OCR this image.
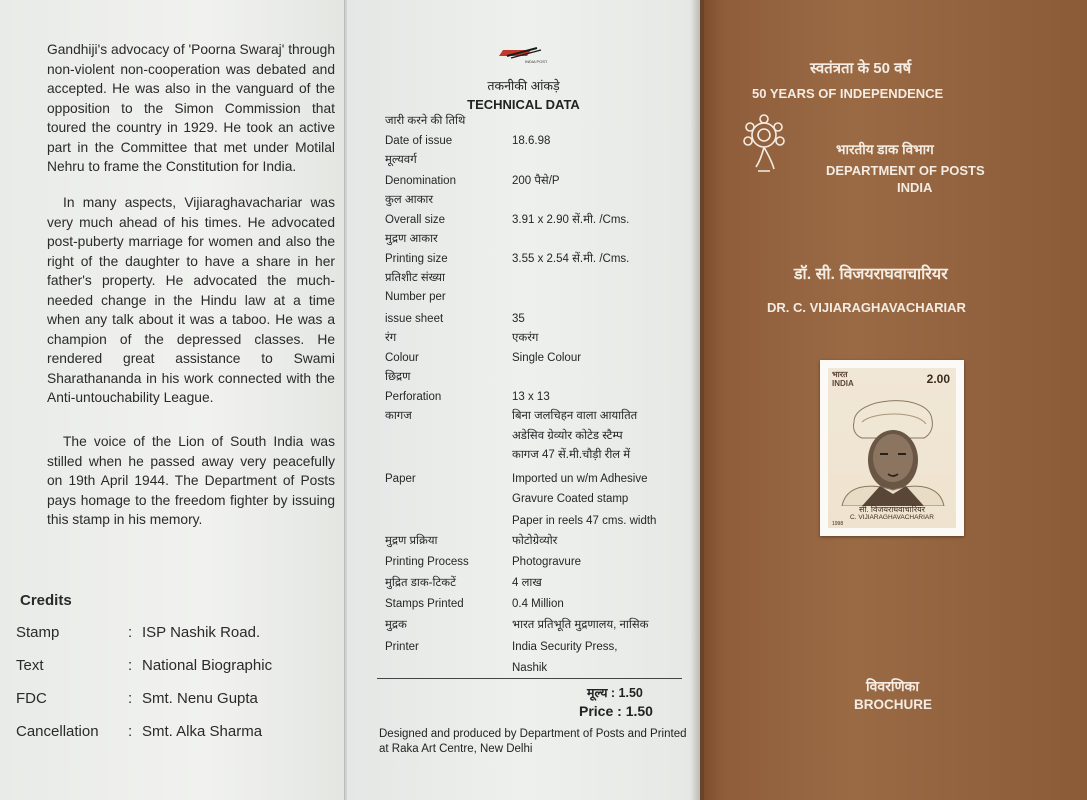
Gandhiji's advocacy of 'Poorna Swaraj' through non-violent non-cooperation was debated and accepted. He was also in the vanguard of the opposition to the Simon Commission that toured the country in 1929. He took an active part in the Committee that met under Motilal Nehru to frame the Constitution for India.

In many aspects, Vijiaraghavachariar was very much ahead of his times. He advocated post-puberty marriage for women and also the right of the daughter to have a share in her father's property. He advocated the much-needed change in the Hindu law at a time when any talk about it was a taboo. He was a champion of the depressed classes. He rendered great assistance to Swami Sharathananda in his work connected with the Anti-untouchability League.

The voice of the Lion of South India was stilled when he passed away very peacefully on 19th April 1944. The Department of Posts pays homage to the freedom fighter by issuing this stamp in his memory.

Credits
Stamp	: ISP Nashik Road.
Text	: National Biographic
FDC	: Smt. Nenu Gupta
Cancellation : Smt. Alka Sharma
INDIA POST
तकनीकी आंकड़े
TECHNICAL DATA
जारी करने की तिथि
Date of issue	18.6.98
मूल्यवर्ग
Denomination	200 पैसे/P
कुल आकार
Overall size	3.91 x 2.90 सें.मी. /Cms.
मुद्रण आकार
Printing size	3.55 x 2.54 सें.मी. /Cms.
प्रतिशीट संख्या
Number per
issue sheet	35
रंग	एकरंग
Colour	Single Colour
छिद्रण
Perforation	13 x 13
कागज	बिना जलचिहन वाला आयातित
अडेसिव ग्रेव्योर कोटेड स्टैम्प
कागज 47 सें.मी.चौड़ी रील में
Paper	Imported un w/m Adhesive
Gravure Coated stamp
Paper in reels 47 cms. width
मुद्रण प्रक्रिया	फोटोग्रेव्योर
Printing Process	Photogravure
मुद्रित डाक-टिकटें	4 लाख
Stamps Printed	0.4 Million
मुद्रक	भारत प्रतिभूति मुद्रणालय, नासिक
Printer	India Security Press,
Nashik
मूल्य : 1.50
Price : 1.50
Designed and produced by Department of Posts and Printed at Raka Art Centre, New Delhi
स्वतंत्रता के 50 वर्ष
50 YEARS OF INDEPENDENCE
भारतीय डाक विभाग
DEPARTMENT OF POSTS
INDIA
डॉ. सी. विजयराघवाचारियर
DR. C. VIJIARAGHAVACHARIAR
भारत
INDIA	2.00
सी. विजयराघवाचारियर
C. VIJIARAGHAVACHARIAR
1998
विवरणिका
BROCHURE
